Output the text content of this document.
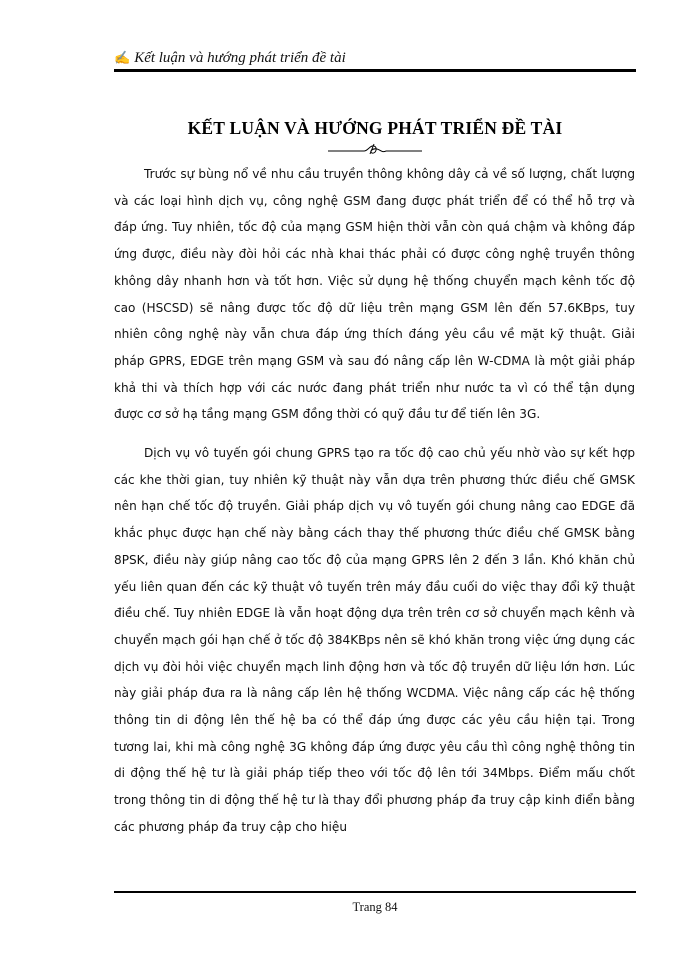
✍ Kết luận và hướng phát triển đề tài
KẾT LUẬN VÀ HƯỚNG PHÁT TRIỂN ĐỀ TÀI

Trước sự bùng nổ về nhu cầu truyền thông không dây cả về số lượng, chất lượng và các loại hình dịch vụ, công nghệ GSM đang được phát triển để có thể hỗ trợ và đáp ứng. Tuy nhiên, tốc độ của mạng GSM hiện thời vẫn còn quá chậm và không đáp ứng được, điều này đòi hỏi các nhà khai thác phải có được công nghệ truyền thông không dây nhanh hơn và tốt hơn. Việc sử dụng hệ thống chuyển mạch kênh tốc độ cao (HSCSD) sẽ nâng được tốc độ dữ liệu trên mạng GSM lên đến 57.6KBps, tuy nhiên công nghệ này vẫn chưa đáp ứng thích đáng yêu cầu về mặt kỹ thuật. Giải pháp GPRS, EDGE trên mạng GSM và sau đó nâng cấp lên W-CDMA là một giải pháp khả thi và thích hợp với các nước đang phát triển như nước ta vì có thể tận dụng được cơ sở hạ tầng mạng GSM đồng thời có quỹ đầu tư để tiến lên 3G.

Dịch vụ vô tuyến gói chung GPRS tạo ra tốc độ cao chủ yếu nhờ vào sự kết hợp các khe thời gian, tuy nhiên kỹ thuật này vẫn dựa trên phương thức điều chế GMSK nên hạn chế tốc độ truyền. Giải pháp dịch vụ vô tuyến gói chung nâng cao EDGE đã khắc phục được hạn chế này bằng cách thay thế phương thức điều chế GMSK bằng 8PSK, điều này giúp nâng cao tốc độ của mạng GPRS lên 2 đến 3 lần. Khó khăn chủ yếu liên quan đến các kỹ thuật vô tuyến trên máy đầu cuối do việc thay đổi kỹ thuật điều chế. Tuy nhiên EDGE là vẫn hoạt động dựa trên trên cơ sở chuyển mạch kênh và chuyển mạch gói hạn chế ở tốc độ 384KBps nên sẽ khó khăn trong việc ứng dụng các dịch vụ đòi hỏi việc chuyển mạch linh động hơn và tốc độ truyền dữ liệu lớn hơn. Lúc này giải pháp đưa ra là nâng cấp lên hệ thống WCDMA. Việc nâng cấp các hệ thống thông tin di động lên thế hệ ba có thể đáp ứng được các yêu cầu hiện tại. Trong tương lai, khi mà công nghệ 3G không đáp ứng được yêu cầu thì công nghệ thông tin di động thế hệ tư là giải pháp tiếp theo với tốc độ lên tới 34Mbps. Điểm mấu chốt trong thông tin di động thế hệ tư là thay đổi phương pháp đa truy cập kinh điển bằng các phương pháp đa truy cập cho hiệu

Trang 84
